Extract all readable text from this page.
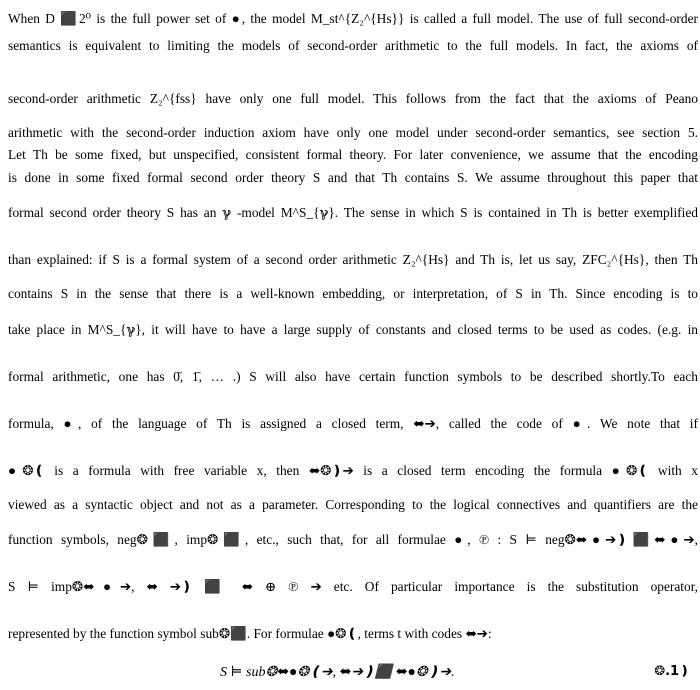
When D ⬛2⁰ is the full power set of ●, the model M_st^{Z₂^{Hs}} is called a full model. The use of full second-order

semantics is equivalent to limiting the models of second-order arithmetic to the full models. In fact, the axioms of

second-order arithmetic Z₂^{fss} have only one full model. This follows from the fact that the axioms of Peano

arithmetic with the second-order induction axiom have only one model under second-order semantics, see section 5.

Let Th be some fixed, but unspecified, consistent formal theory. For later convenience, we assume that the encoding

is done in some fixed formal second order theory S and that Th contains S. We assume throughout this paper that

formal second order theory S has an ℽ -model M^S_{ℽ}. The sense in which S is contained in Th is better exemplified

than explained: if S is a formal system of a second order arithmetic Z₂^{Hs} and Th is, let us say, ZFC₂^{Hs}, then Th

contains S in the sense that there is a well-known embedding, or interpretation, of S in Th. Since encoding is to

take place in M^S_{ℽ}, it will have to have a large supply of constants and closed terms to be used as codes. (e.g. in

formal arithmetic, one has 0̄, 1̄, … .) S will also have certain function symbols to be described shortly.To each

formula, ●, of the language of Th is assigned a closed term, ⬌➔, called the code of ●. We note that if

●❂❪ is a formula with free variable x, then ⬌❂❫➔ is a closed term encoding the formula ●❂❪ with x

viewed as a syntactic object and not as a parameter. Corresponding to the logical connectives and quantifiers are the

function symbols, neg❂⬛, imp❂⬛, etc., such that, for all formulae ●, ℗ : S ⊨ neg❂⬌●➔❫⬛⬌●➔,

S ⊨ imp❂⬌●➔, ⬌ ➔❫ ⬛ ⬌ ⊕ ℗ ➔ etc. Of particular importance is the substitution operator,

represented by the function symbol sub❂⬛. For formulae ●❂❪, terms t with codes ⬌➔:

S ⊨ sub❂⬌●❂❪➔, ⬌➔❫⬛ ⬌●❂❫➔.	❂.1❫
